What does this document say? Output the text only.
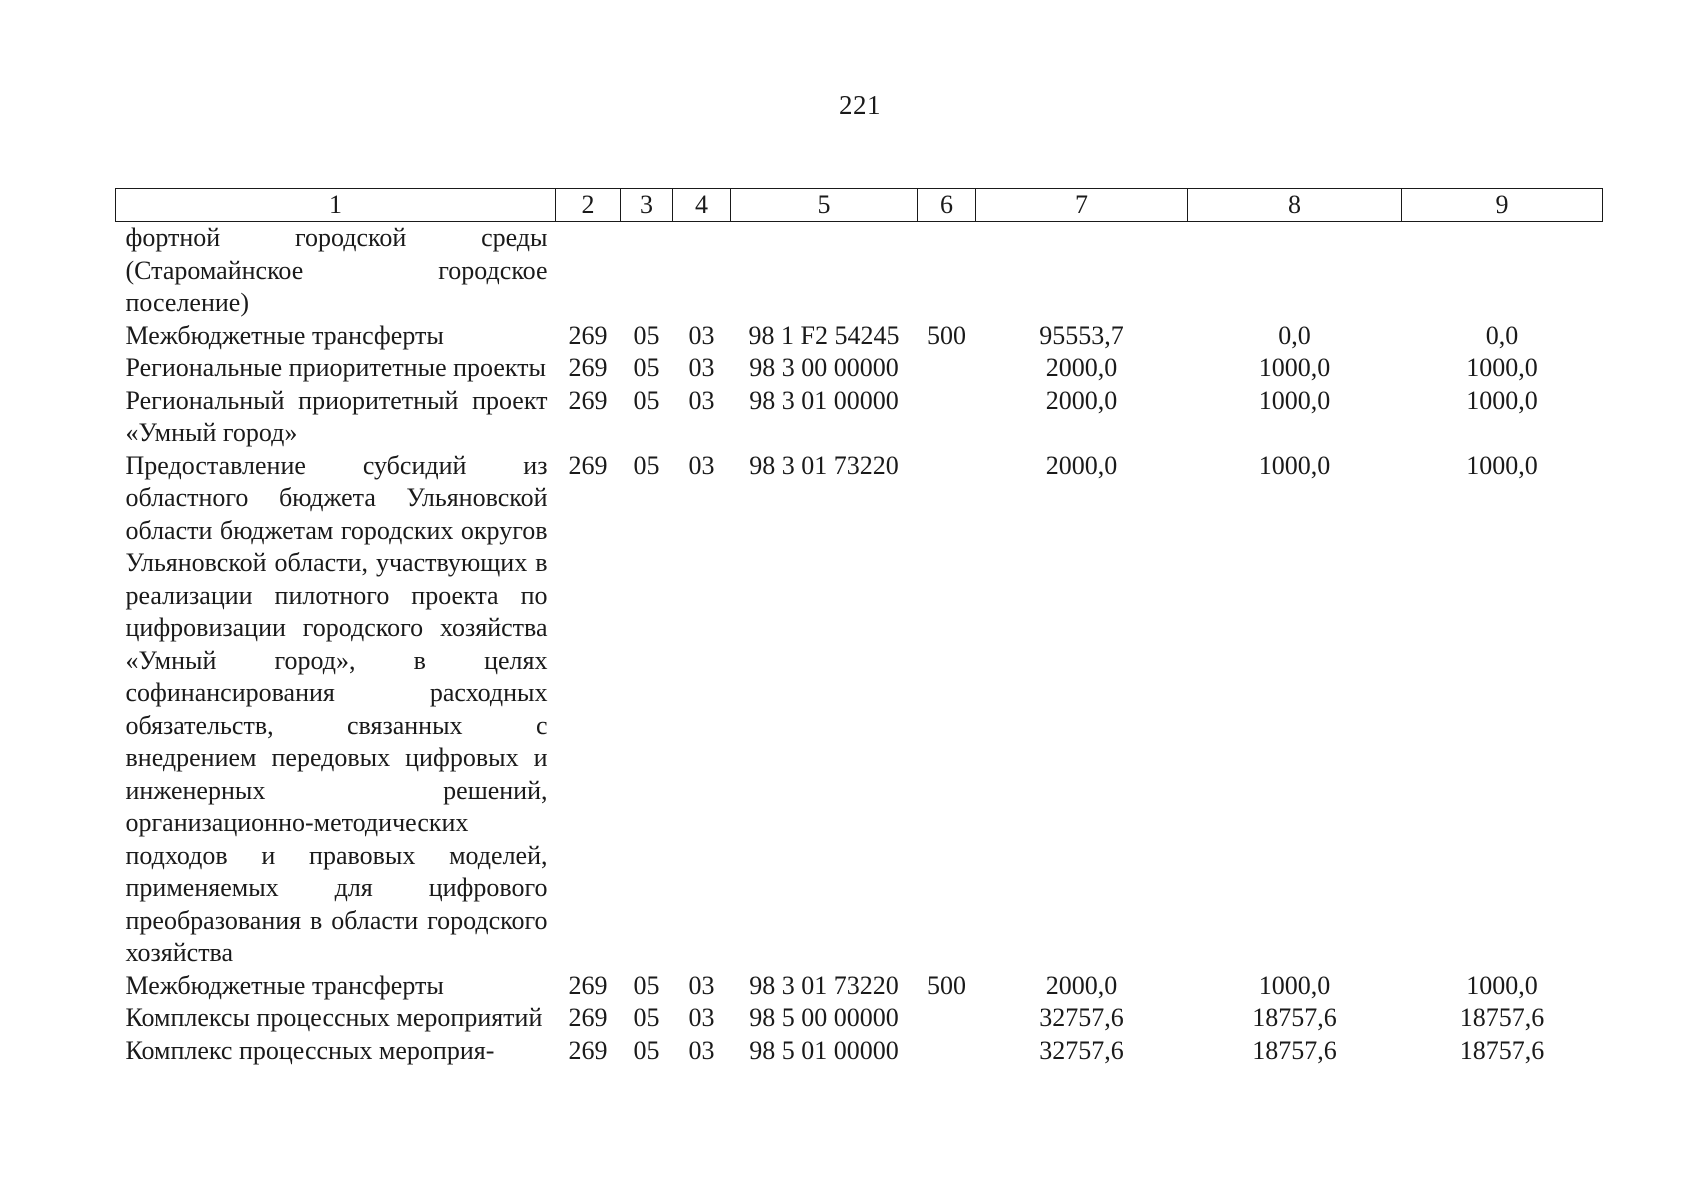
221
1	2	3	4	5	6	7	8	9
фортной городской среды (Старомайнское городское поселение)								
Межбюджетные трансферты	269	05	03	98 1 F2 54245	500	95553,7	0,0	0,0
Региональные приоритетные проекты	269	05	03	98 3 00 00000		2000,0	1000,0	1000,0
Региональный приоритетный проект «Умный город»	269	05	03	98 3 01 00000		2000,0	1000,0	1000,0
Предоставление субсидий из областного бюджета Ульяновской области бюджетам городских округов Ульяновской области, участвующих в реализации пилотного проекта по цифровизации городского хозяйства «Умный город», в целях софинансирования расходных обязательств, связанных с внедрением передовых цифровых и инженерных решений, организационно-методических подходов и правовых моделей, применяемых для цифрового преобразования в области городского хозяйства	269	05	03	98 3 01 73220		2000,0	1000,0	1000,0
Межбюджетные трансферты	269	05	03	98 3 01 73220	500	2000,0	1000,0	1000,0
Комплексы процессных мероприятий	269	05	03	98 5 00 00000		32757,6	18757,6	18757,6
Комплекс процессных мероприя-	269	05	03	98 5 01 00000		32757,6	18757,6	18757,6
